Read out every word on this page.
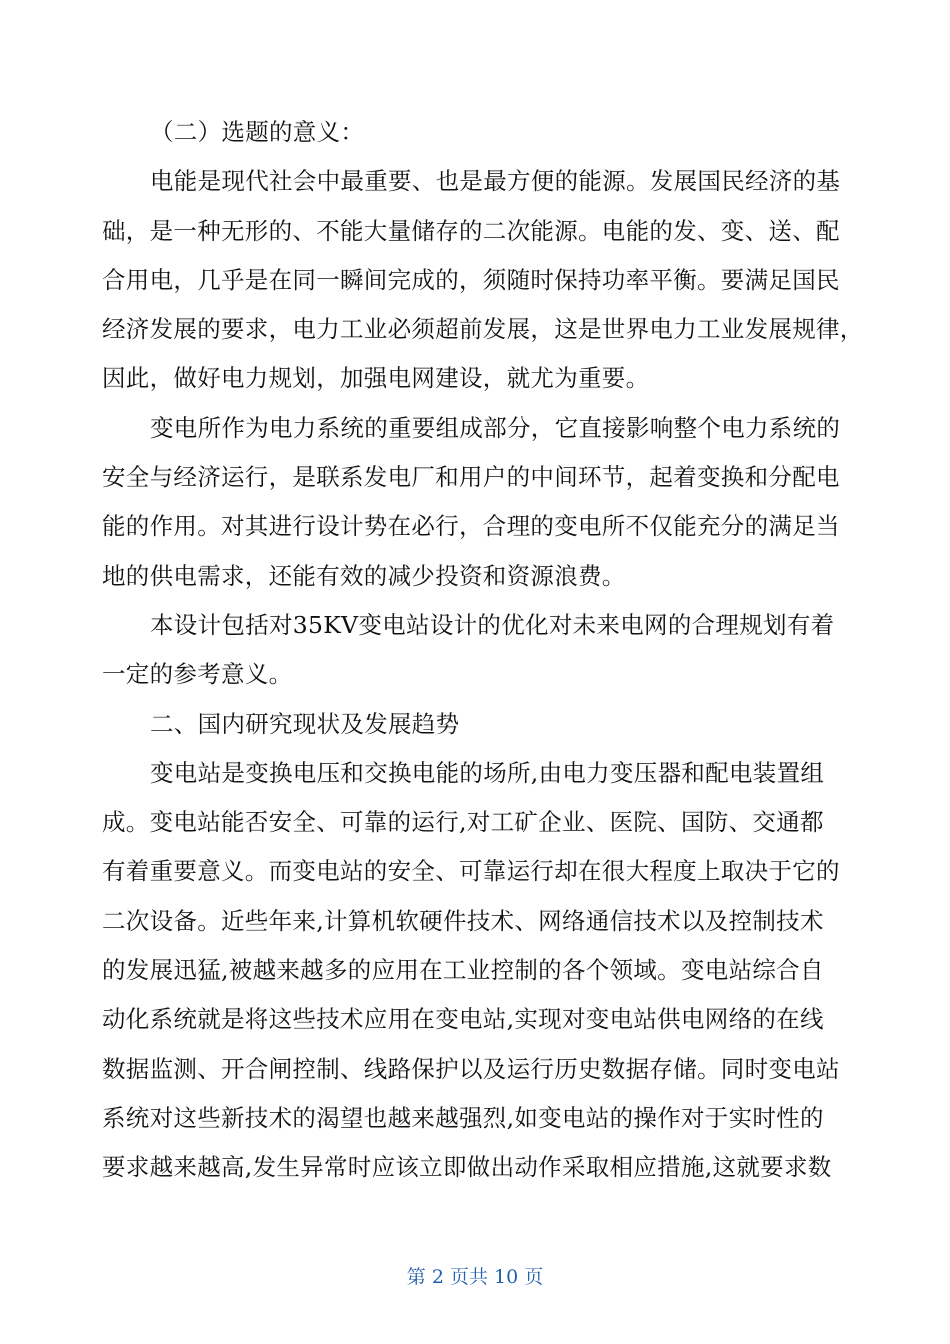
（二）选题的意义：
电能是现代社会中最重要、也是最方便的能源。发展国民经济的基
础，是一种无形的、不能大量储存的二次能源。电能的发、变、送、配
合用电，几乎是在同一瞬间完成的，须随时保持功率平衡。要满足国民
经济发展的要求，电力工业必须超前发展，这是世界电力工业发展规律，
因此，做好电力规划，加强电网建设，就尤为重要。
变电所作为电力系统的重要组成部分，它直接影响整个电力系统的
安全与经济运行，是联系发电厂和用户的中间环节，起着变换和分配电
能的作用。对其进行设计势在必行，合理的变电所不仅能充分的满足当
地的供电需求，还能有效的减少投资和资源浪费。
本设计包括对35KV变电站设计的优化对未来电网的合理规划有着
一定的参考意义。
二、国内研究现状及发展趋势
变电站是变换电压和交换电能的场所,由电力变压器和配电装置组
成。变电站能否安全、可靠的运行,对工矿企业、医院、国防、交通都
有着重要意义。而变电站的安全、可靠运行却在很大程度上取决于它的
二次设备。近些年来,计算机软硬件技术、网络通信技术以及控制技术
的发展迅猛,被越来越多的应用在工业控制的各个领域。变电站综合自
动化系统就是将这些技术应用在变电站,实现对变电站供电网络的在线
数据监测、开合闸控制、线路保护以及运行历史数据存储。同时变电站
系统对这些新技术的渴望也越来越强烈,如变电站的操作对于实时性的
要求越来越高,发生异常时应该立即做出动作采取相应措施,这就要求数
第 2 页共 10 页
